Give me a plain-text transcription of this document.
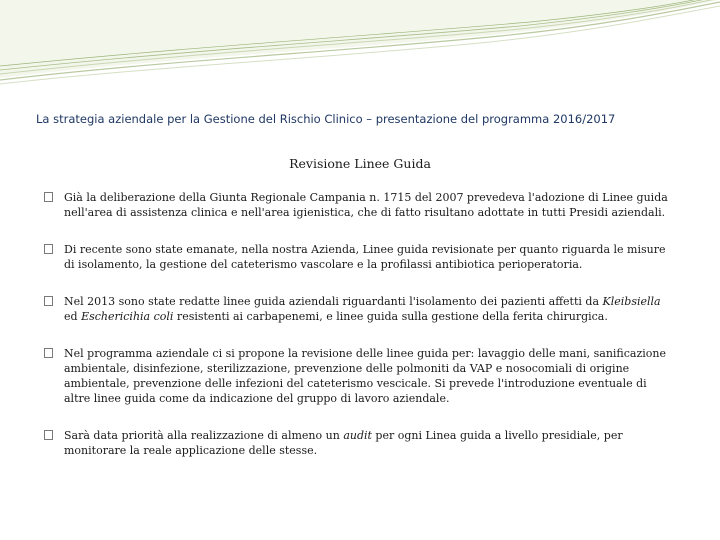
La strategia aziendale per la Gestione del Rischio Clinico – presentazione del programma 2016/2017
Revisione Linee Guida
Già la deliberazione della Giunta Regionale Campania n. 1715 del 2007 prevedeva l'adozione di Linee guida nell'area di assistenza clinica e nell'area igienistica, che di fatto risultano adottate in tutti Presidi aziendali.
Di recente sono state emanate, nella nostra Azienda, Linee guida revisionate per quanto riguarda le misure di isolamento, la gestione del cateterismo vascolare e la profilassi antibiotica perioperatoria.
Nel 2013 sono state redatte linee guida aziendali riguardanti l'isolamento dei pazienti affetti da Kleibsiella ed Eschericihia coli resistenti ai carbapenemi, e linee guida sulla gestione della ferita chirurgica.
Nel programma aziendale ci si propone la revisione delle linee guida per: lavaggio delle mani, sanificazione ambientale, disinfezione, sterilizzazione, prevenzione delle polmoniti da VAP e nosocomiali di origine ambientale, prevenzione delle infezioni del cateterismo vescicale. Si prevede l'introduzione eventuale di altre linee guida come da indicazione del gruppo di lavoro aziendale.
Sarà data priorità alla realizzazione di almeno un audit per ogni Linea guida a livello presidiale, per monitorare la reale applicazione delle stesse.
